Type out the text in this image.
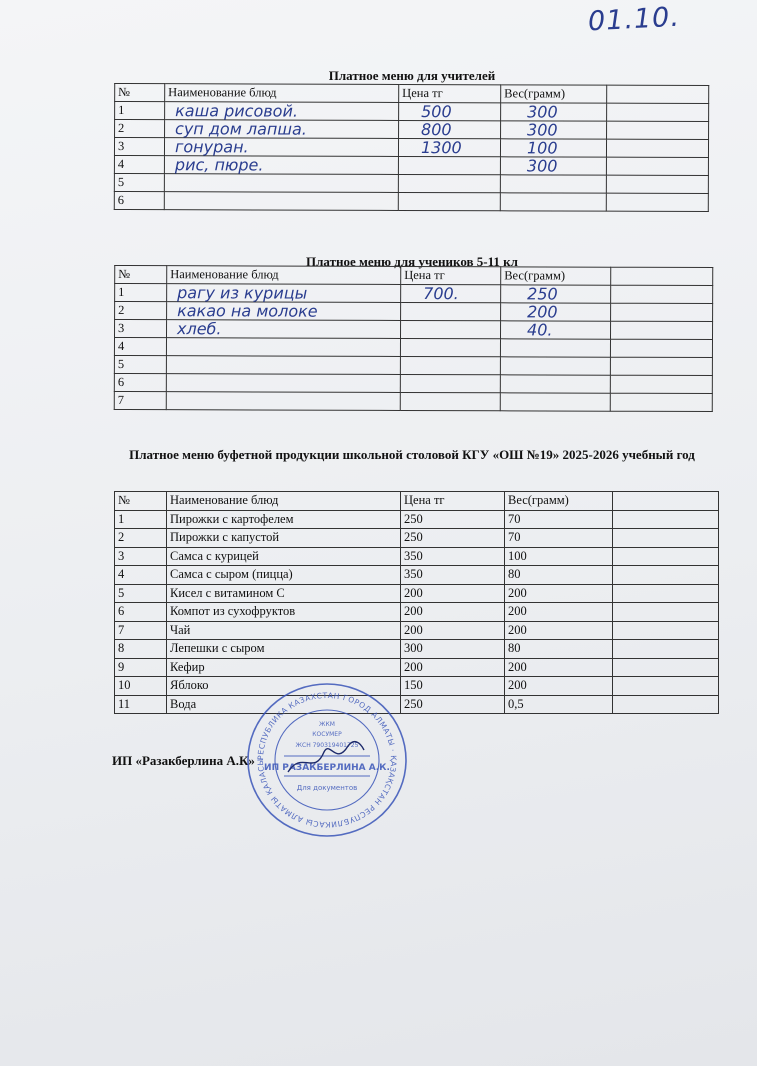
01.10.
Платное меню для учителей
№	Наименование блюд	Цена тг	Вес(грамм)	
1	каша рисовой.	500	300	
2	суп дом лапша.	800	300	
3	гонуран.	1300	100	
4	рис, пюре.		300	
5				
6				
Платное меню для учеников 5-11 кл
№	Наименование блюд	Цена тг	Вес(грамм)	
1	рагу из курицы	700.	250	
2	какао на молоке		200	
3	хлеб.		40.	
4				
5				
6				
7				
Платное меню буфетной продукции школьной столовой КГУ «ОШ №19» 2025-2026 учебный год
№	Наименование блюд	Цена тг	Вес(грамм)	
1	Пирожки с картофелем	250	70	
2	Пирожки с капустой	250	70	
3	Самса с курицей	350	100	
4	Самса с сыром (пицца)	350	80	
5	Кисел с витамином С	200	200	
6	Компот из сухофруктов	200	200	
7	Чай	200	200	
8	Лепешки с сыром	300	80	
9	Кефир	200	200	
10	Яблоко	150	200	
11	Вода	250	0,5	
ИП «Разакберлина А.К» РЕСПУБЛИКА КАЗАХСТАН ГОРОД АЛМАТЫ · ҚАЗАҚСТАН РЕСПУБЛИКАСЫ АЛМАТЫ ҚАЛАСЫ
ЖКМ
КОСУМЕР
ЖСН 790319401725
ИП РАЗАКБЕРЛИНА А.К.
Для документов
